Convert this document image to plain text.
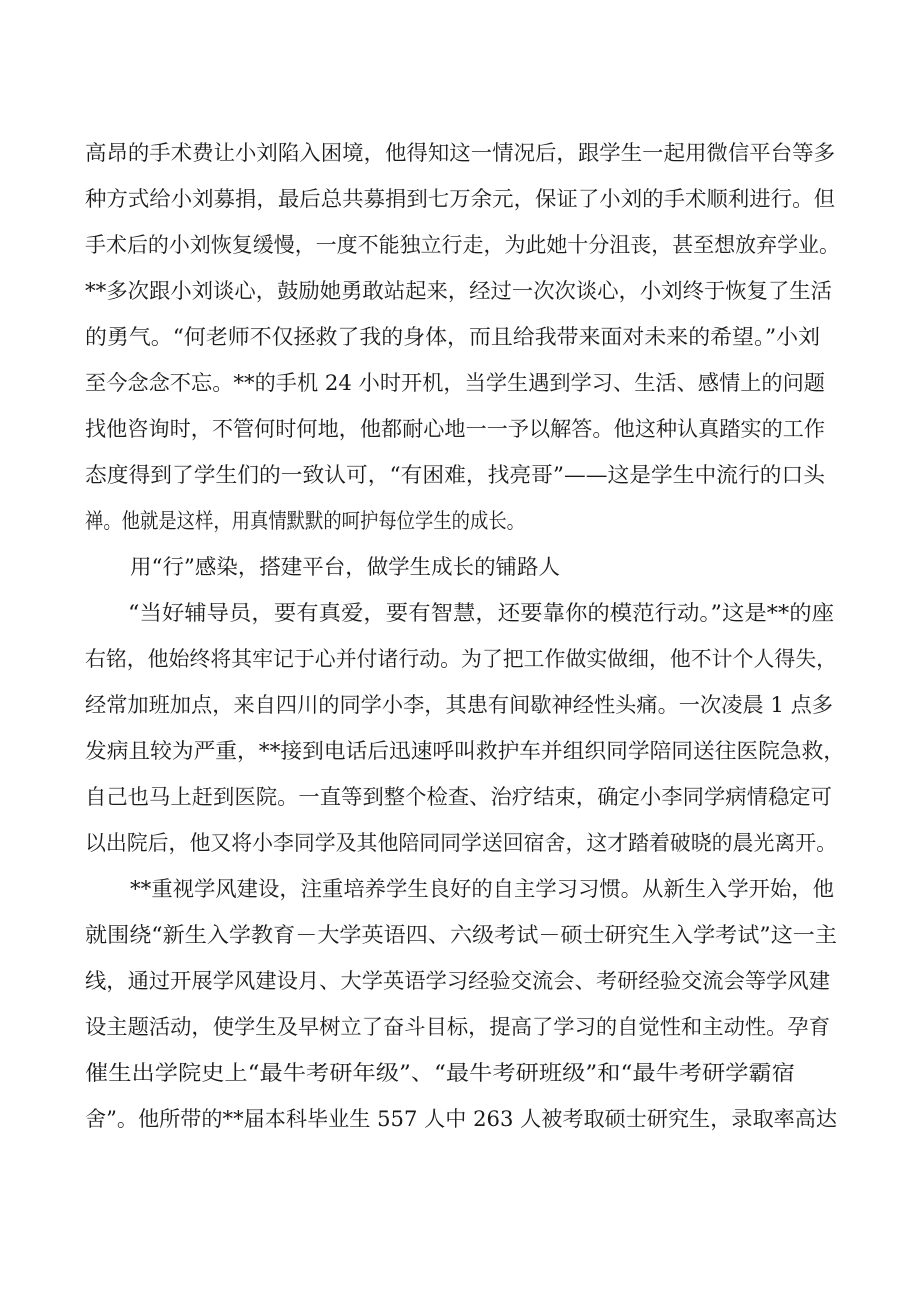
高昂的手术费让小刘陷入困境，他得知这一情况后，跟学生一起用微信平台等多
种方式给小刘募捐，最后总共募捐到七万余元，保证了小刘的手术顺利进行。但
手术后的小刘恢复缓慢，一度不能独立行走，为此她十分沮丧，甚至想放弃学业。
**多次跟小刘谈心，鼓励她勇敢站起来，经过一次次谈心，小刘终于恢复了生活
的勇气。“何老师不仅拯救了我的身体，而且给我带来面对未来的希望。”小刘
至今念念不忘。**的手机 24 小时开机，当学生遇到学习、生活、感情上的问题
找他咨询时，不管何时何地，他都耐心地一一予以解答。他这种认真踏实的工作
态度得到了学生们的一致认可，“有困难，找亮哥”——这是学生中流行的口头
禅。他就是这样，用真情默默的呵护每位学生的成长。
用“行”感染，搭建平台，做学生成长的铺路人
“当好辅导员，要有真爱，要有智慧，还要靠你的模范行动。”这是**的座
右铭，他始终将其牢记于心并付诸行动。为了把工作做实做细，他不计个人得失，
经常加班加点，来自四川的同学小李，其患有间歇神经性头痛。一次凌晨 1 点多
发病且较为严重，**接到电话后迅速呼叫救护车并组织同学陪同送往医院急救，
自己也马上赶到医院。一直等到整个检查、治疗结束，确定小李同学病情稳定可
以出院后，他又将小李同学及其他陪同同学送回宿舍，这才踏着破晓的晨光离开。
**重视学风建设，注重培养学生良好的自主学习习惯。从新生入学开始，他
就围绕“新生入学教育－大学英语四、六级考试－硕士研究生入学考试”这一主
线，通过开展学风建设月、大学英语学习经验交流会、考研经验交流会等学风建
设主题活动，使学生及早树立了奋斗目标，提高了学习的自觉性和主动性。孕育
催生出学院史上“最牛考研年级”、“最牛考研班级”和“最牛考研学霸宿
舍”。他所带的**届本科毕业生 557 人中 263 人被考取硕士研究生，录取率高达
